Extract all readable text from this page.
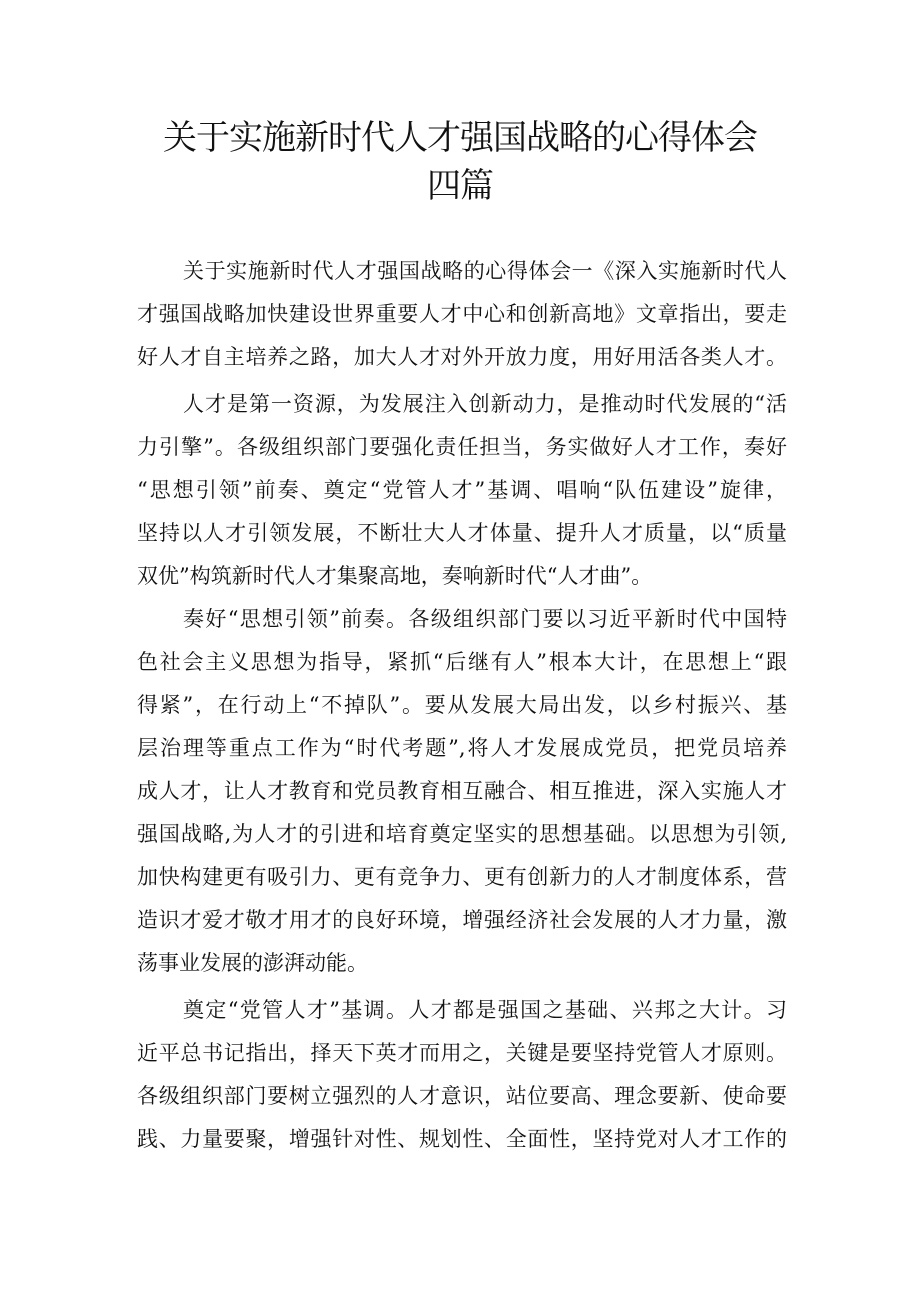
关于实施新时代人才强国战略的心得体会
四篇
关于实施新时代人才强国战略的心得体会一《深入实施新时代人
才强国战略加快建设世界重要人才中心和创新高地》文章指出，要走
好人才自主培养之路，加大人才对外开放力度，用好用活各类人才。
人才是第一资源，为发展注入创新动力，是推动时代发展的“活
力引擎”。各级组织部门要强化责任担当，务实做好人才工作，奏好
“思想引领”前奏、奠定“党管人才”基调、唱响“队伍建设”旋律，
坚持以人才引领发展，不断壮大人才体量、提升人才质量，以“质量
双优”构筑新时代人才集聚高地，奏响新时代“人才曲”。
奏好“思想引领”前奏。各级组织部门要以习近平新时代中国特
色社会主义思想为指导，紧抓“后继有人”根本大计，在思想上“跟
得紧”，在行动上“不掉队”。要从发展大局出发，以乡村振兴、基
层治理等重点工作为“时代考题”,将人才发展成党员，把党员培养
成人才，让人才教育和党员教育相互融合、相互推进，深入实施人才
强国战略,为人才的引进和培育奠定坚实的思想基础。以思想为引领,
加快构建更有吸引力、更有竞争力、更有创新力的人才制度体系，营
造识才爱才敬才用才的良好环境，增强经济社会发展的人才力量，激
荡事业发展的澎湃动能。
奠定“党管人才”基调。人才都是强国之基础、兴邦之大计。习
近平总书记指出，择天下英才而用之，关键是要坚持党管人才原则。
各级组织部门要树立强烈的人才意识，站位要高、理念要新、使命要
践、力量要聚，增强针对性、规划性、全面性，坚持党对人才工作的
